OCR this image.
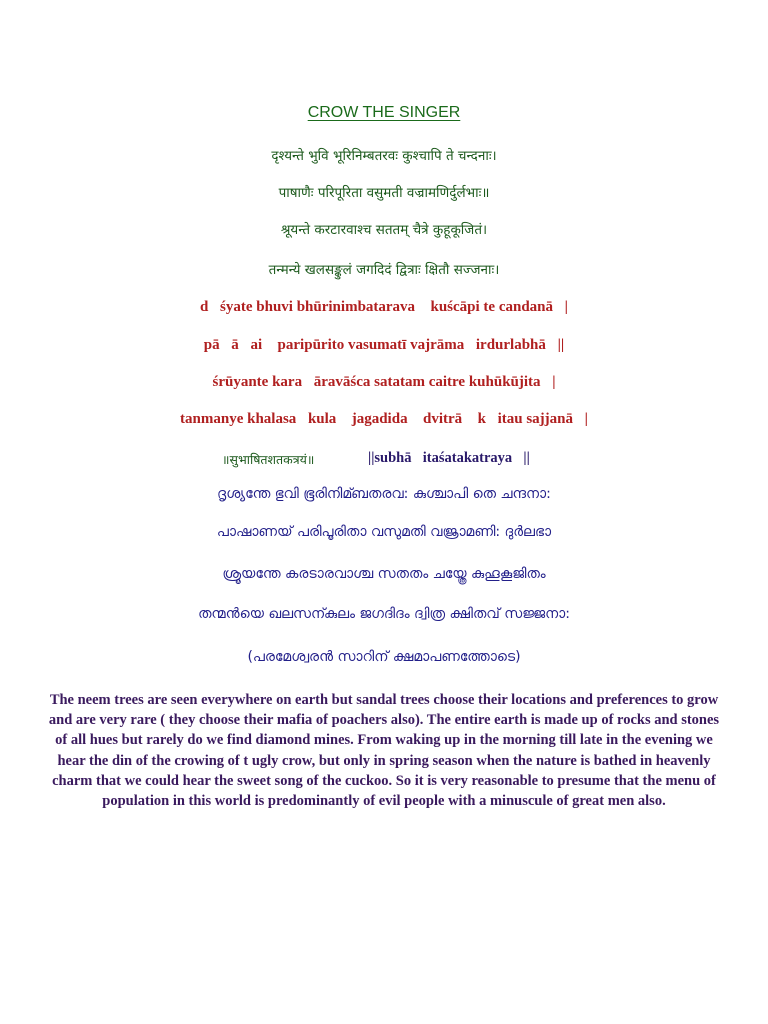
CROW THE SINGER
दृश्यन्ते भुवि भूरिनिम्बतरवः कुश्चापि ते चन्दनाः।
पाषाणैः परिपूरिता वसुमती वज्रामणिर्दुर्लभाः॥
श्रूयन्ते करटारवाश्च सततम् चैत्रे कुहूकूजितं।
तन्मन्ये खलसङ्कुलं जगदिदं द्वित्राः क्षितौ सज्जनाः।
d śyate bhuvi bhūrinimbatarava  kuścāpi te candanā |
pā ā ai  paripūrito vasumatī vajrāma irdurlabhā ||
śrūyante kara āravāśca satatam caitre kuhūkūjita |
tanmanye khalasa kula  jagadida  dvitrā  k itau sajjanā |
॥सुभाषितशतकत्रयं॥	||subhā itaśatakatraya ||
ദൃശ്യന്തേ ഭുവി ഭൂരിനിമ്ബതരവ: കുശ്ചാപി തെ ചന്ദനാ:
പാഷാണയ് പരിപൂരിതാ വസുമതി വജ്രാമണി: ദുർലഭാ
ശ്രൂയന്തേ കരടാരവാശ്ച സതതം ചയ്ത്രേ കുഹൂകൂജിതം
തന്മൻയെ ഖലസന്കുലം ജഗദിദം ദ്വിത്ര ക്ഷിതവ് സജ്ജനാ:
(പരമേശ്വരൻ സാറിന് ക്ഷമാപണത്തോടെ)
The neem trees are seen everywhere on earth but sandal trees choose their locations and preferences to grow and are very rare ( they choose their mafia of poachers also). The entire earth is made up of rocks and stones of all hues but rarely do we find diamond mines. From waking up in the morning till late in the evening we hear the din of the crowing of t ugly crow, but only in spring season when the nature is bathed in heavenly charm that we could hear the sweet song of the cuckoo. So it is very reasonable to presume that the menu of population in this world is predominantly of evil people with a minuscule of great men also.
